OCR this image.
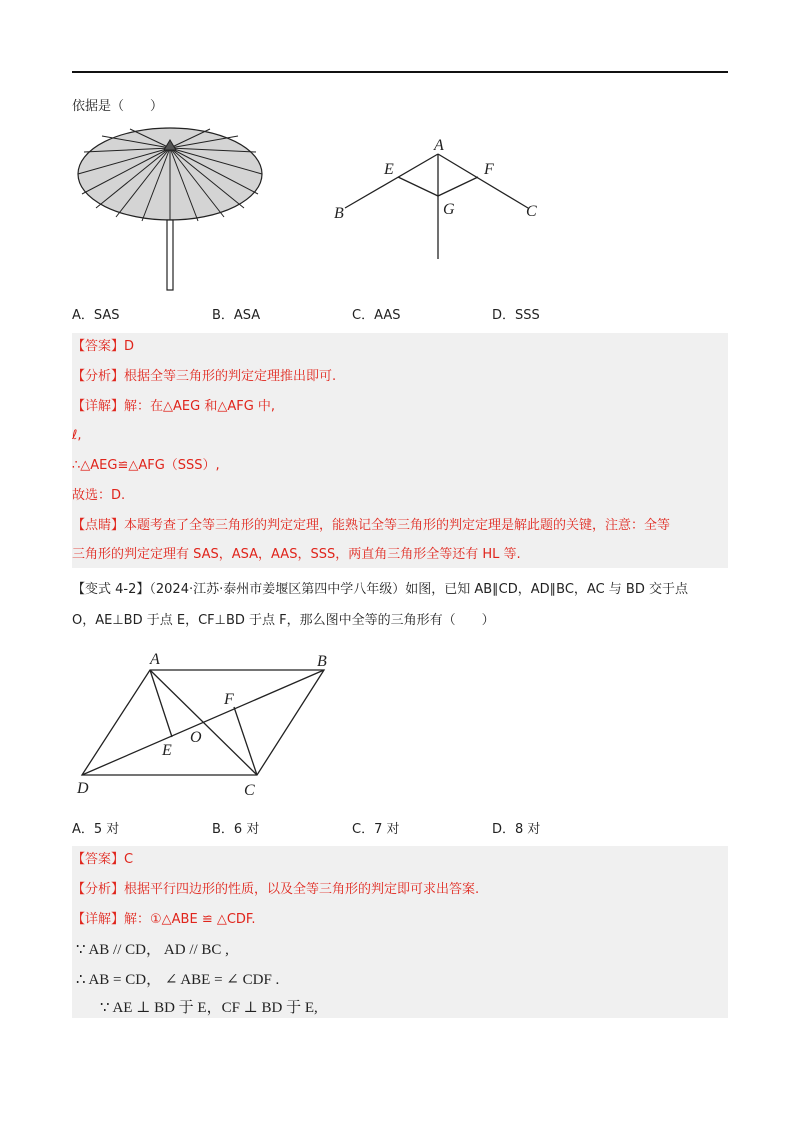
依据是（　　）
A
E	F
B	G	C
A．SAS	B．ASA	C．AAS	D．SSS
【答案】D
【分析】根据全等三角形的判定定理推出即可.
【详解】解：在△AEG 和△AFG 中,
ℓ,
∴△AEG≌△AFG（SSS）,
故选：D.
【点睛】本题考查了全等三角形的判定定理，能熟记全等三角形的判定定理是解此题的关键，注意：全等
三角形的判定定理有 SAS，ASA，AAS，SSS，两直角三角形全等还有 HL 等.
【变式 4-2】（2024·江苏·泰州市姜堰区第四中学八年级）如图，已知 AB∥CD，AD∥BC，AC 与 BD 交于点
O，AE⊥BD 于点 E，CF⊥BD 于点 F，那么图中全等的三角形有（　　）
A	B
F
O
E
D	C
A．5 对	B．6 对	C．7 对	D．8 对
【答案】C
【分析】根据平行四边形的性质，以及全等三角形的判定即可求出答案.
【详解】解：①△ABE ≌ △CDF.
∵ AB // CD， AD // BC ,
∴ AB = CD， ∠ ABE = ∠ CDF .
∵ AE ⊥ BD 于 E，CF ⊥ BD 于 E,
